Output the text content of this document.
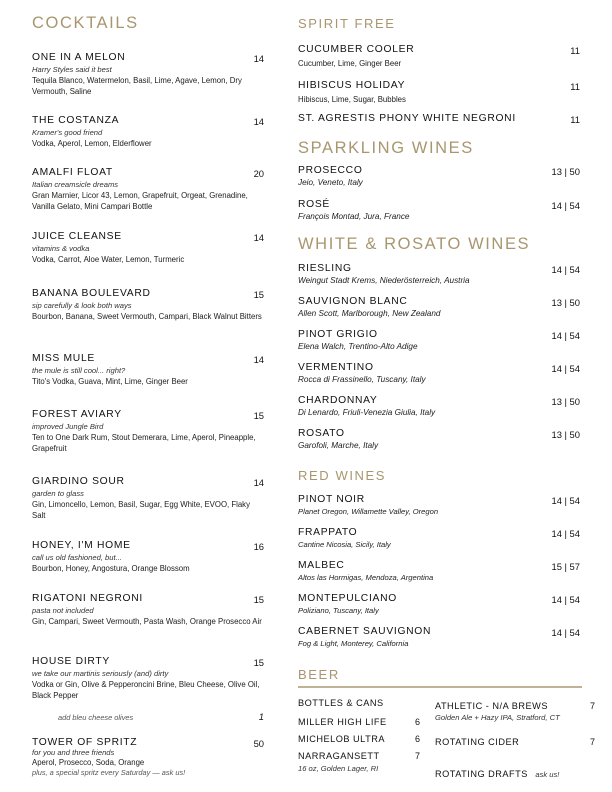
COCKTAILS
ONE IN A MELON	14
Harry Styles said it best
Tequila Blanco, Watermelon, Basil, Lime, Agave, Lemon, Dry Vermouth, Saline
THE COSTANZA	14
Kramer's good friend
Vodka, Aperol, Lemon, Elderflower
AMALFI FLOAT	20
Italian creamsicle dreams
Gran Marnier, Licor 43, Lemon, Grapefruit, Orgeat, Grenadine, Vanilla Gelato, Mini Campari Bottle
JUICE CLEANSE	14
vitamins & vodka
Vodka, Carrot, Aloe Water, Lemon, Turmeric
BANANA BOULEVARD	15
sip carefully & look both ways
Bourbon, Banana, Sweet Vermouth, Campari, Black Walnut Bitters
MISS MULE	14
the mule is still cool... right?
Tito's Vodka, Guava, Mint, Lime, Ginger Beer
FOREST AVIARY	15
improved Jungle Bird
Ten to One Dark Rum, Stout Demerara, Lime, Aperol, Pineapple, Grapefruit
GIARDINO SOUR	14
garden to glass
Gin, Limoncello, Lemon, Basil, Sugar, Egg White, EVOO, Flaky Salt
HONEY, I'M HOME	16
call us old fashioned, but...
Bourbon, Honey, Angostura, Orange Blossom
RIGATONI NEGRONI	15
pasta not included
Gin, Campari, Sweet Vermouth, Pasta Wash, Orange Prosecco Air
HOUSE DIRTY	15
we take our martinis seriously (and) dirty
Vodka or Gin, Olive & Pepperoncini Brine, Bleu Cheese, Olive Oil, Black Pepper
add bleu cheese olives	1
TOWER OF SPRITZ	50
for you and three friends
Aperol, Prosecco, Soda, Orange
plus, a special spritz every Saturday — ask us!
SPIRIT FREE
CUCUMBER COOLER	11
Cucumber, Lime, Ginger Beer
HIBISCUS HOLIDAY	11
Hibiscus, Lime, Sugar, Bubbles
ST. AGRESTIS PHONY WHITE NEGRONI	11
SPARKLING WINES
PROSECCO	13 | 50
Jeio, Veneto, Italy
ROSÉ	14 | 54
François Montad, Jura, France
WHITE & ROSATO WINES
RIESLING	14 | 54
Weingut Stadt Krems, Niederösterreich, Austria
SAUVIGNON BLANC	13 | 50
Allen Scott, Marlborough, New Zealand
PINOT GRIGIO	14 | 54
Elena Walch, Trentino-Alto Adige
VERMENTINO	14 | 54
Rocca di Frassinello, Tuscany, Italy
CHARDONNAY	13 | 50
Di Lenardo, Friuli-Venezia Giulia, Italy
ROSATO	13 | 50
Garofoli, Marche, Italy
RED WINES
PINOT NOIR	14 | 54
Planet Oregon, Willamette Valley, Oregon
FRAPPATO	14 | 54
Cantine Nicosia, Sicily, Italy
MALBEC	15 | 57
Altos las Hormigas, Mendoza, Argentina
MONTEPULCIANO	14 | 54
Poliziano, Tuscany, Italy
CABERNET SAUVIGNON	14 | 54
Fog & Light, Monterey, California
BEER
BOTTLES & CANS
MILLER HIGH LIFE	6
MICHELOB ULTRA	6
NARRAGANSETT	7
16 oz, Golden Lager, RI
ATHLETIC - N/A BREWS	7
Golden Ale + Hazy IPA, Stratford, CT
ROTATING CIDER	7
ROTATING DRAFTS ask us!
